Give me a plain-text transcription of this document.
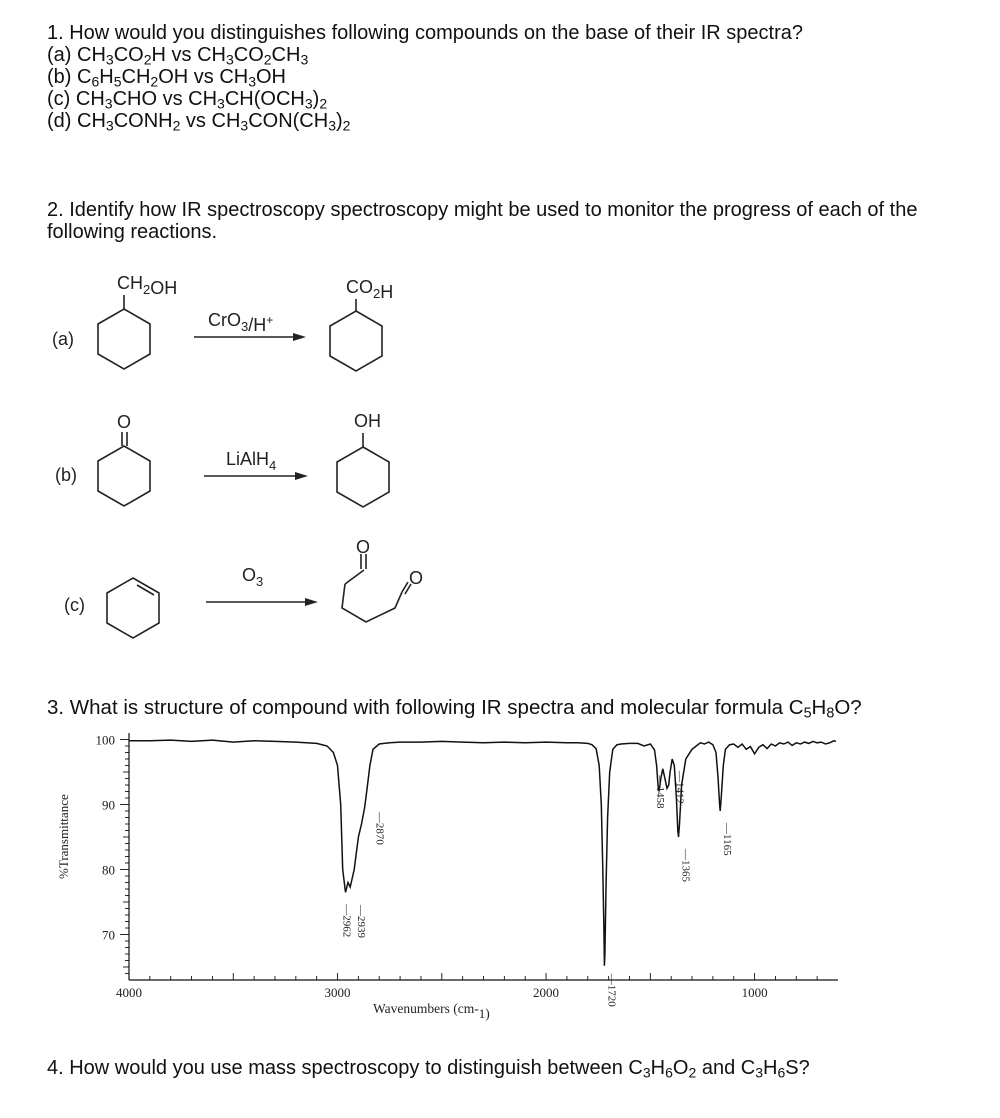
1. How would you distinguishes following compounds on the base of their IR spectra?
(a) $CH_3CO_2H$ vs $CH_3CO_2CH_3$
(b) $C_6H_5CH_2OH$ vs $CH_3OH$
(c) $CH_3CHO$ vs $CH_3CH(OCH_3)_2$
(d) $CH_3CONH_2$ vs $CH_3CON(CH_3)_2$
2. Identify how IR spectroscopy spectroscopy might be used to monitor the progress of each of the following reactions.
(a)
$CH_2OH$
CrO$_3$/H+
$CO_2H$
(b)
O
LiAlH$_4$
OH
(c)
$O_3$
O
O
3. What is structure of compound with following IR spectra and molecular formula $C_5H_8O$?
100
90
80
70
4000	3000	2000	1000
—2962 —2939
—2870
—1720
—1458 —1412
—1365
—1165
%Transmittance
Wavenumbers (cm-1)
4. How would you use mass spectroscopy to distinguish between $C_3H_6O_2$ and $C_3H_6S$?
